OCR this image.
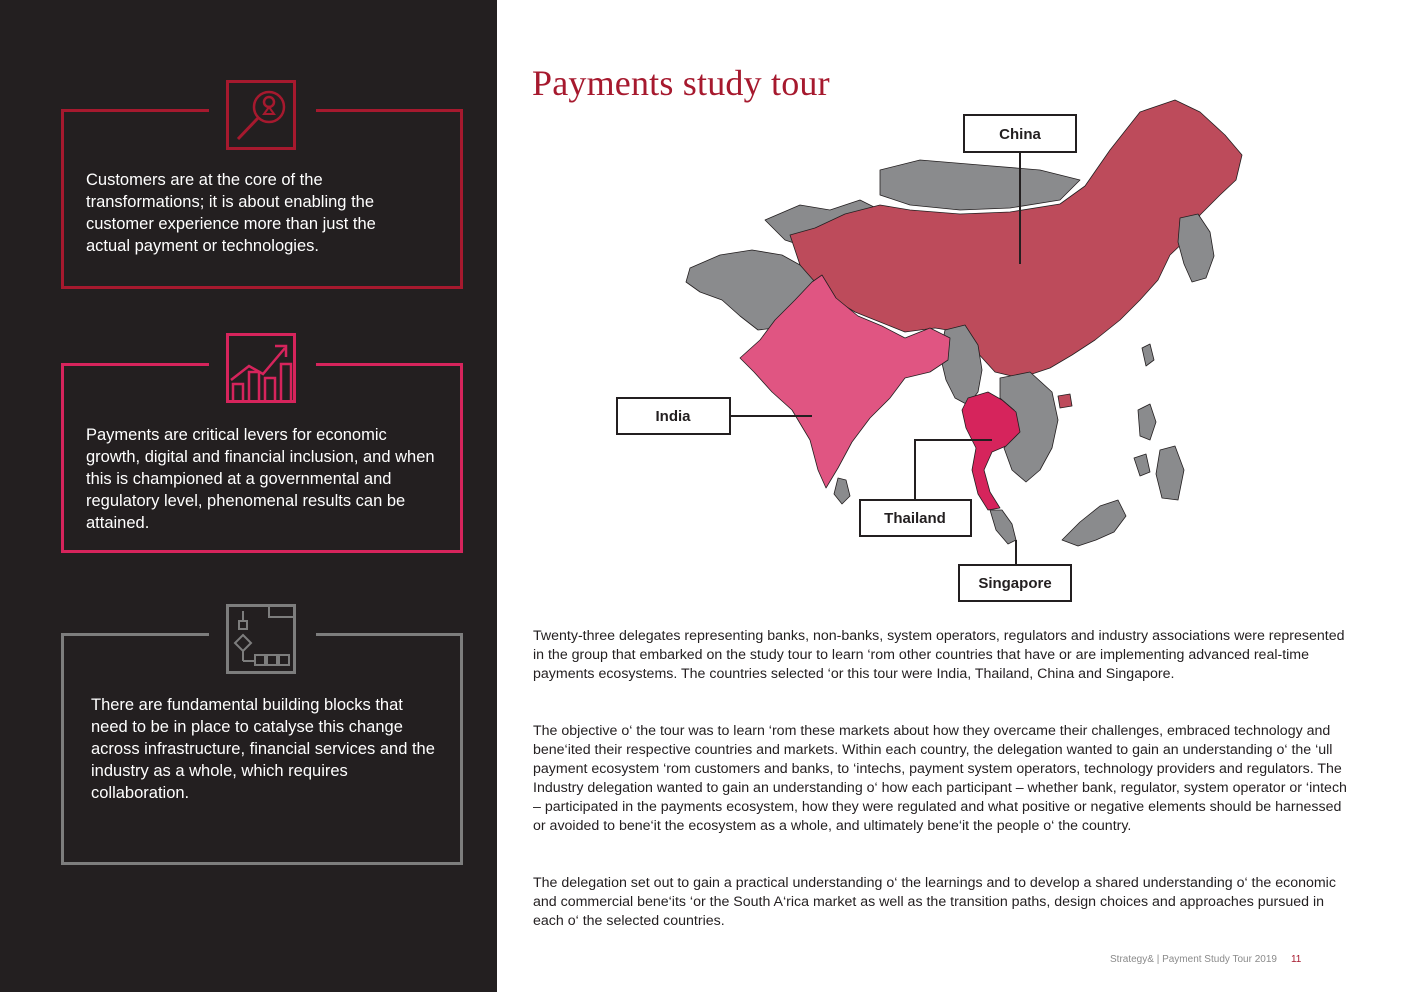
Customers are at the core of the transformations; it is about enabling the customer experience more than just the actual payment or technologies.
Payments are critical levers for economic growth, digital and financial inclusion, and when this is championed at a governmental and regulatory level, phenomenal results can be attained.
There are fundamental building blocks that need to be in place to catalyse this change across infrastructure, financial services and the industry as a whole, which requires collaboration.
Payments study tour
China
India
Thailand
Singapore

Twenty-three delegates representing banks, non-banks, system operators, regulators and industry associations were represented in the group that embarked on the study tour to learn ‘rom other countries that have or are implementing advanced real-time payments ecosystems. The countries selected ‘or this tour were India, Thailand, China and Singapore.

The objective o‘ the tour was to learn ‘rom these markets about how they overcame their challenges, embraced technology and bene‘ited their respective countries and markets. Within each country, the delegation wanted to gain an understanding o‘ the ‘ull payment ecosystem ‘rom customers and banks, to ‘intechs, payment system operators, technology providers and regulators. The Industry delegation wanted to gain an understanding o‘ how each participant – whether bank, regulator, system operator or ‘intech – participated in the payments ecosystem, how they were regulated and what positive or negative elements should be harnessed or avoided to bene‘it the ecosystem as a whole, and ultimately bene‘it the people o‘ the country.

The delegation set out to gain a practical understanding o‘ the learnings and to develop a shared understanding o‘ the economic and commercial bene‘its ‘or the South A‘rica market as well as the transition paths, design choices and approaches pursued in each o‘ the selected countries.

Strategy& | Payment Study Tour 2019 11
